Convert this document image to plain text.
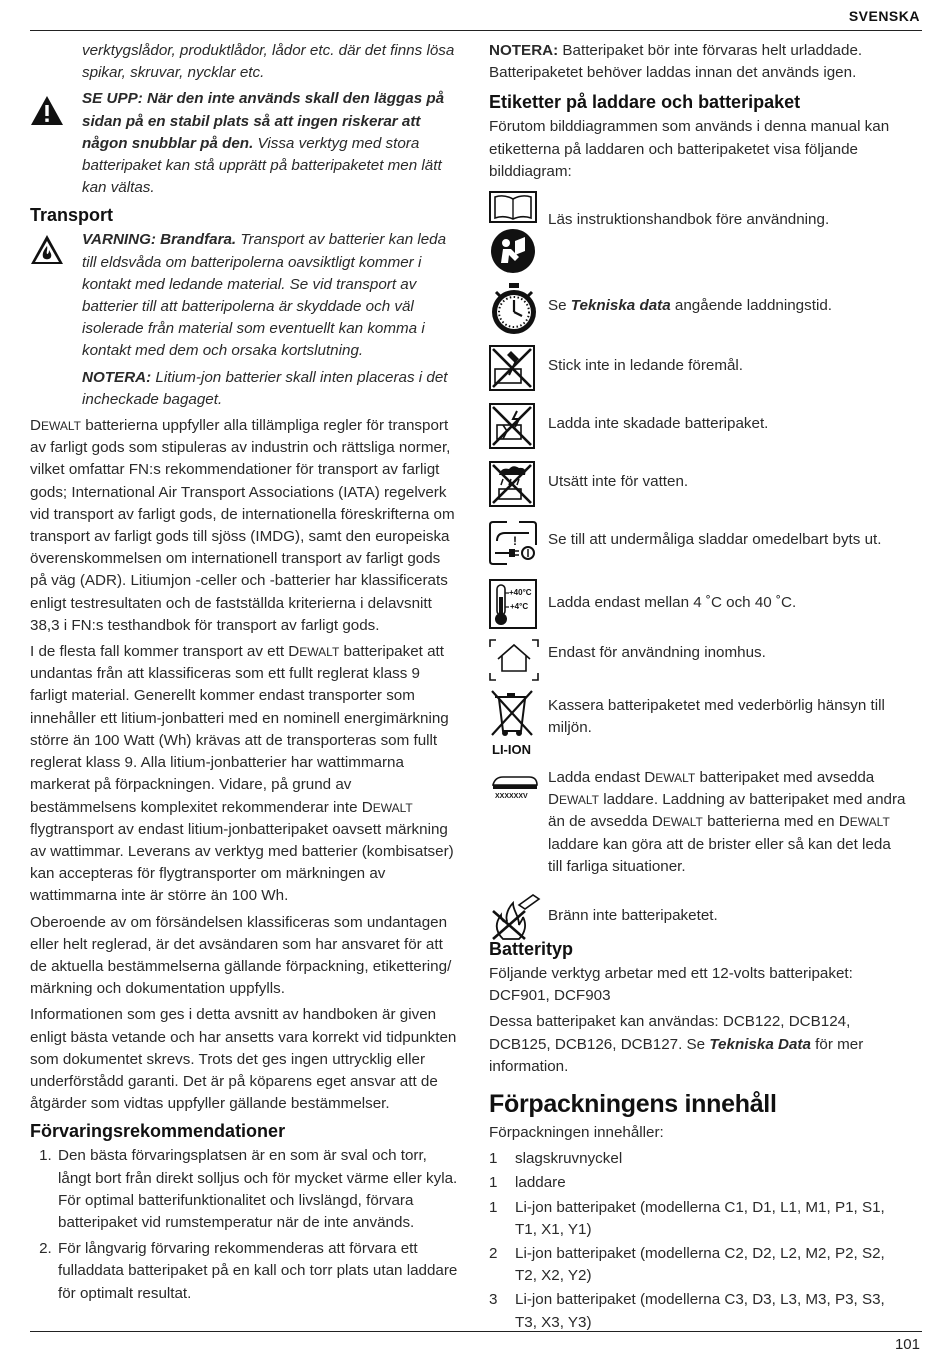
SVENSKA
101

verktygslådor, produktlådor, lådor etc. där det finns lösa spikar, skruvar, nycklar etc.

SE UPP: När den inte används skall den läggas på sidan på en stabil plats så att ingen riskerar att någon snubblar på den. Vissa verktyg med stora batteripaket kan stå upprätt på batteripaketet men lätt kan vältas.

Transport

VARNING: Brandfara. Transport av batterier kan leda till eldsvåda om batteripolerna oavsiktligt kommer i kontakt med ledande material. Se vid transport av batterier till att batteripolerna är skyddade och väl isolerade från material som eventuellt kan komma i kontakt med dem och orsaka kortslutning.

NOTERA: Litium-jon batterier skall inten placeras i det incheckade bagaget.

DEWALT batterierna uppfyller alla tillämpliga regler för transport av farligt gods som stipuleras av industrin och rättsliga normer, vilket omfattar FN:s rekommendationer för transport av farligt gods; International Air Transport Associations (IATA) regelverk vid transport av farligt gods, de internationella föreskrifterna om transport av farligt gods till sjöss (IMDG), samt den europeiska överenskommelsen om internationell transport av farligt gods på väg (ADR). Litiumjon -celler och -batterier har klassificerats enligt testresultaten och de fastställda kriterierna i delavsnitt 38,3 i FN:s testhandbok för transport av farligt gods.

I de flesta fall kommer transport av ett DEWALT batteripaket att undantas från att klassificeras som ett fullt reglerat klass 9 farligt material. Generellt kommer endast transporter som innehåller ett litium-jonbatteri med en nominell energimärkning större än 100 Watt (Wh) krävas att de transporteras som fullt reglerat klass 9. Alla litium-jonbatterier har wattimmarna markerat på förpackningen. Vidare, på grund av bestämmelsens komplexitet rekommenderar inte DEWALT flygtransport av endast litium-jonbatteripaket oavsett märkning av wattimmar. Leverans av verktyg med batterier (kombisatser) kan accepteras för flygtransporter om märkningen av wattimmarna inte är större än 100 Wh.

Oberoende av om försändelsen klassificeras som undantagen eller helt reglerad, är det avsändaren som har ansvaret för att de aktuella bestämmelserna gällande förpackning, etikettering/ märkning och dokumentation uppfylls.

Informationen som ges i detta avsnitt av handboken är given enligt bästa vetande och har ansetts vara korrekt vid tidpunkten som dokumentet skrevs. Trots det ges ingen uttrycklig eller underförstådd garanti. Det är på köparens eget ansvar att de åtgärder som vidtas uppfyller gällande bestämmelser.

Förvaringsrekommendationer
1. Den bästa förvaringsplatsen är en som är sval och torr, långt bort från direkt solljus och för mycket värme eller kyla. För optimal batterifunktionalitet och livslängd, förvara batteripaket vid rumstemperatur när de inte används.
2. För långvarig förvaring rekommenderas att förvara ett fulladdata batteripaket på en kall och torr plats utan laddare för optimalt resultat.

NOTERA: Batteripaket bör inte förvaras helt urladdade. Batteripaketet behöver laddas innan det används igen.

Etiketter på laddare och batteripaket

Förutom bilddiagrammen som används i denna manual kan etiketterna på laddaren och batteripaketet visa följande bilddiagram:

Läs instruktionshandbok före användning.
Se Tekniska data angående laddningstid.
Stick inte in ledande föremål.
Ladda inte skadade batteripaket.
Utsätt inte för vatten.
! Se till att undermåliga sladdar omedelbart byts ut.
+40°C
+4°C Ladda endast mellan 4 ˚C och 40 ˚C.
Endast för användning inomhus.
LI-ION
Kassera batteripaketet med vederbörlig hänsyn till miljön.
XXXXXXV
Ladda endast DEWALT batteripaket med avsedda DEWALT laddare. Laddning av batteripaket med andra än de avsedda DEWALT batterierna med en DEWALT laddare kan göra att de brister eller så kan det leda till farliga situationer.
Bränn inte batteripaketet.
Batterityp

Följande verktyg arbetar med ett 12-volts batteripaket: DCF901, DCF903

Dessa batteripaket kan användas: DCB122, DCB124, DCB125, DCB126, DCB127. Se Tekniska Data för mer information.

Förpackningens innehåll

Förpackningen innehåller:

1 slagskruvnyckel
1 laddare
1 Li-jon batteripaket (modellerna C1, D1, L1, M1, P1, S1, T1, X1, Y1)
2 Li-jon batteripaket (modellerna C2, D2, L2, M2, P2, S2, T2, X2, Y2)
3 Li-jon batteripaket (modellerna C3, D3, L3, M3, P3, S3, T3, X3, Y3)
